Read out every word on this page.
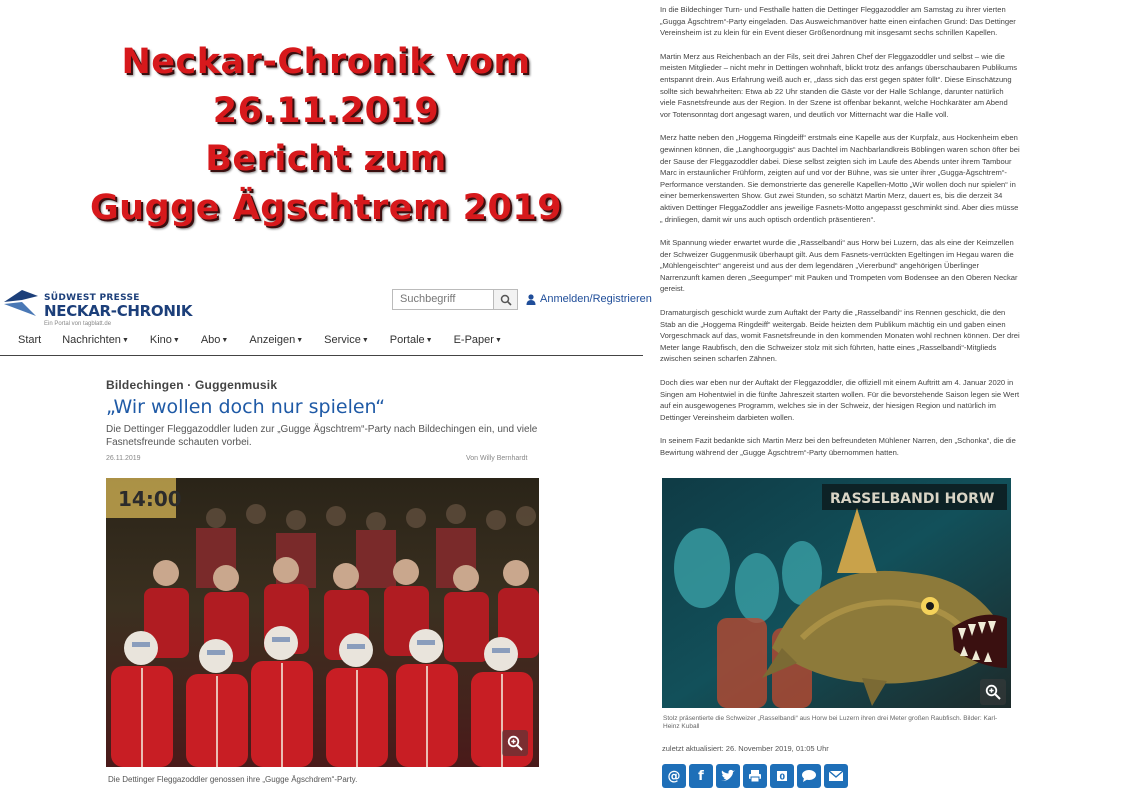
Neckar-Chronik vom
26.11.2019
Bericht zum
Gugge Ägschtrem 2019
SÜDWEST PRESSE
NECKAR-CHRONIK
Ein Portal von tagblatt.de
Suchbegriff	Anmelden/Registrieren
Start Nachrichten▼ Kino▼ Abo▼ Anzeigen▼ Service▼ Portale▼ E-Paper▼
Bildechingen · Guggenmusik
„Wir wollen doch nur spielen“
Die Dettinger Fleggazoddler luden zur „Gugge Ägschtrem“-Party nach Bildechingen ein, und viele Fasnetsfreunde schauten vorbei.
26.11.2019	Von Willy Bernhardt
14:00
Die Dettinger Fleggazoddler genossen ihre „Gugge Ägschdrem“-Party.

In die Bildechinger Turn- und Festhalle hatten die Dettinger Fleggazoddler am Samstag zu ihrer vierten „Gugga Ägschtrem“-Party eingeladen. Das Ausweichmanöver hatte einen einfachen Grund: Das Dettinger Vereinsheim ist zu klein für ein Event dieser Größenordnung mit insgesamt sechs schrillen Kapellen.

Martin Merz aus Reichenbach an der Fils, seit drei Jahren Chef der Fleggazoddler und selbst – wie die meisten Mitglieder – nicht mehr in Dettingen wohnhaft, blickt trotz des anfangs überschaubaren Publikums entspannt drein. Aus Erfahrung weiß auch er, „dass sich das erst gegen später füllt“. Diese Einschätzung sollte sich bewahrheiten: Etwa ab 22 Uhr standen die Gäste vor der Halle Schlange, darunter natürlich viele Fasnetsfreunde aus der Region. In der Szene ist offenbar bekannt, welche Hochkaräter am Abend vor Totensonntag dort angesagt waren, und deutlich vor Mitternacht war die Halle voll.

Merz hatte neben den „Hoggema Ringdeiff“ erstmals eine Kapelle aus der Kurpfalz, aus Hockenheim eben gewinnen können, die „Langhoorguggis“ aus Dachtel im Nachbarlandkreis Böblingen waren schon öfter bei der Sause der Fleggazoddler dabei. Diese selbst zeigten sich im Laufe des Abends unter ihrem Tambour Marc in erstaunlicher Frühform, zeigten auf und vor der Bühne, was sie unter ihrer „Gugga-Ägschtrem“-Performance verstanden. Sie demonstrierte das generelle Kapellen-Motto „Wir wollen doch nur spielen“ in einer bemerkenswerten Show. Gut zwei Stunden, so schätzt Martin Merz, dauert es, bis die derzeit 34 aktiven Dettinger FleggaZoddler ans jeweilige Fasnets-Motto angepasst geschminkt sind. Aber dies müsse „ drinliegen, damit wir uns auch optisch ordentlich präsentieren“.

Mit Spannung wieder erwartet wurde die „Rasselbandi“ aus Horw bei Luzern, das als eine der Keimzellen der Schweizer Guggenmusik überhaupt gilt. Aus dem Fasnets-verrückten Egeltingen im Hegau waren die „Mühlengeischter“ angereist und aus der dem legendären „Viererbund“ angehörigen Überlinger Narrenzunft kamen deren „Seegumper“ mit Pauken und Trompeten vom Bodensee an den Oberen Neckar gereist.

Dramaturgisch geschickt wurde zum Auftakt der Party die „Rasselbandi“ ins Rennen geschickt, die den Stab an die „Hoggema Ringdeiff“ weitergab. Beide heizten dem Publikum mächtig ein und gaben einen Vorgeschmack auf das, womit Fasnetsfreunde in den kommenden Monaten wohl rechnen können. Der drei Meter lange Raubfisch, den die Schweizer stolz mit sich führten, hatte eines „Rasselbandi“-Mitglieds zwischen seinen scharfen Zähnen.

Doch dies war eben nur der Auftakt der Fleggazoddler, die offiziell mit einem Auftritt am 4. Januar 2020 in Singen am Hohentwiel in die fünfte Jahreszeit starten wollen. Für die bevorstehende Saison legen sie Wert auf ein ausgewogenes Programm, welches sie in der Schweiz, der hiesigen Region und natürlich im Dettinger Vereinsheim darbieten wollen.

In seinem Fazit bedankte sich Martin Merz bei den befreundeten Mühlener Narren, den „Schonka“, die die Bewirtung während der „Gugge Ägschtrem“-Party übernommen hatten.

RASSELBANDI HORW
Stolz präsentierte die Schweizer „Rasselbandi“ aus Horw bei Luzern ihren drei Meter großen Raubfisch. Bilder: Karl-Heinz Kuball
zuletzt aktualisiert: 26. November 2019, 01:05 Uhr
@	f	0
